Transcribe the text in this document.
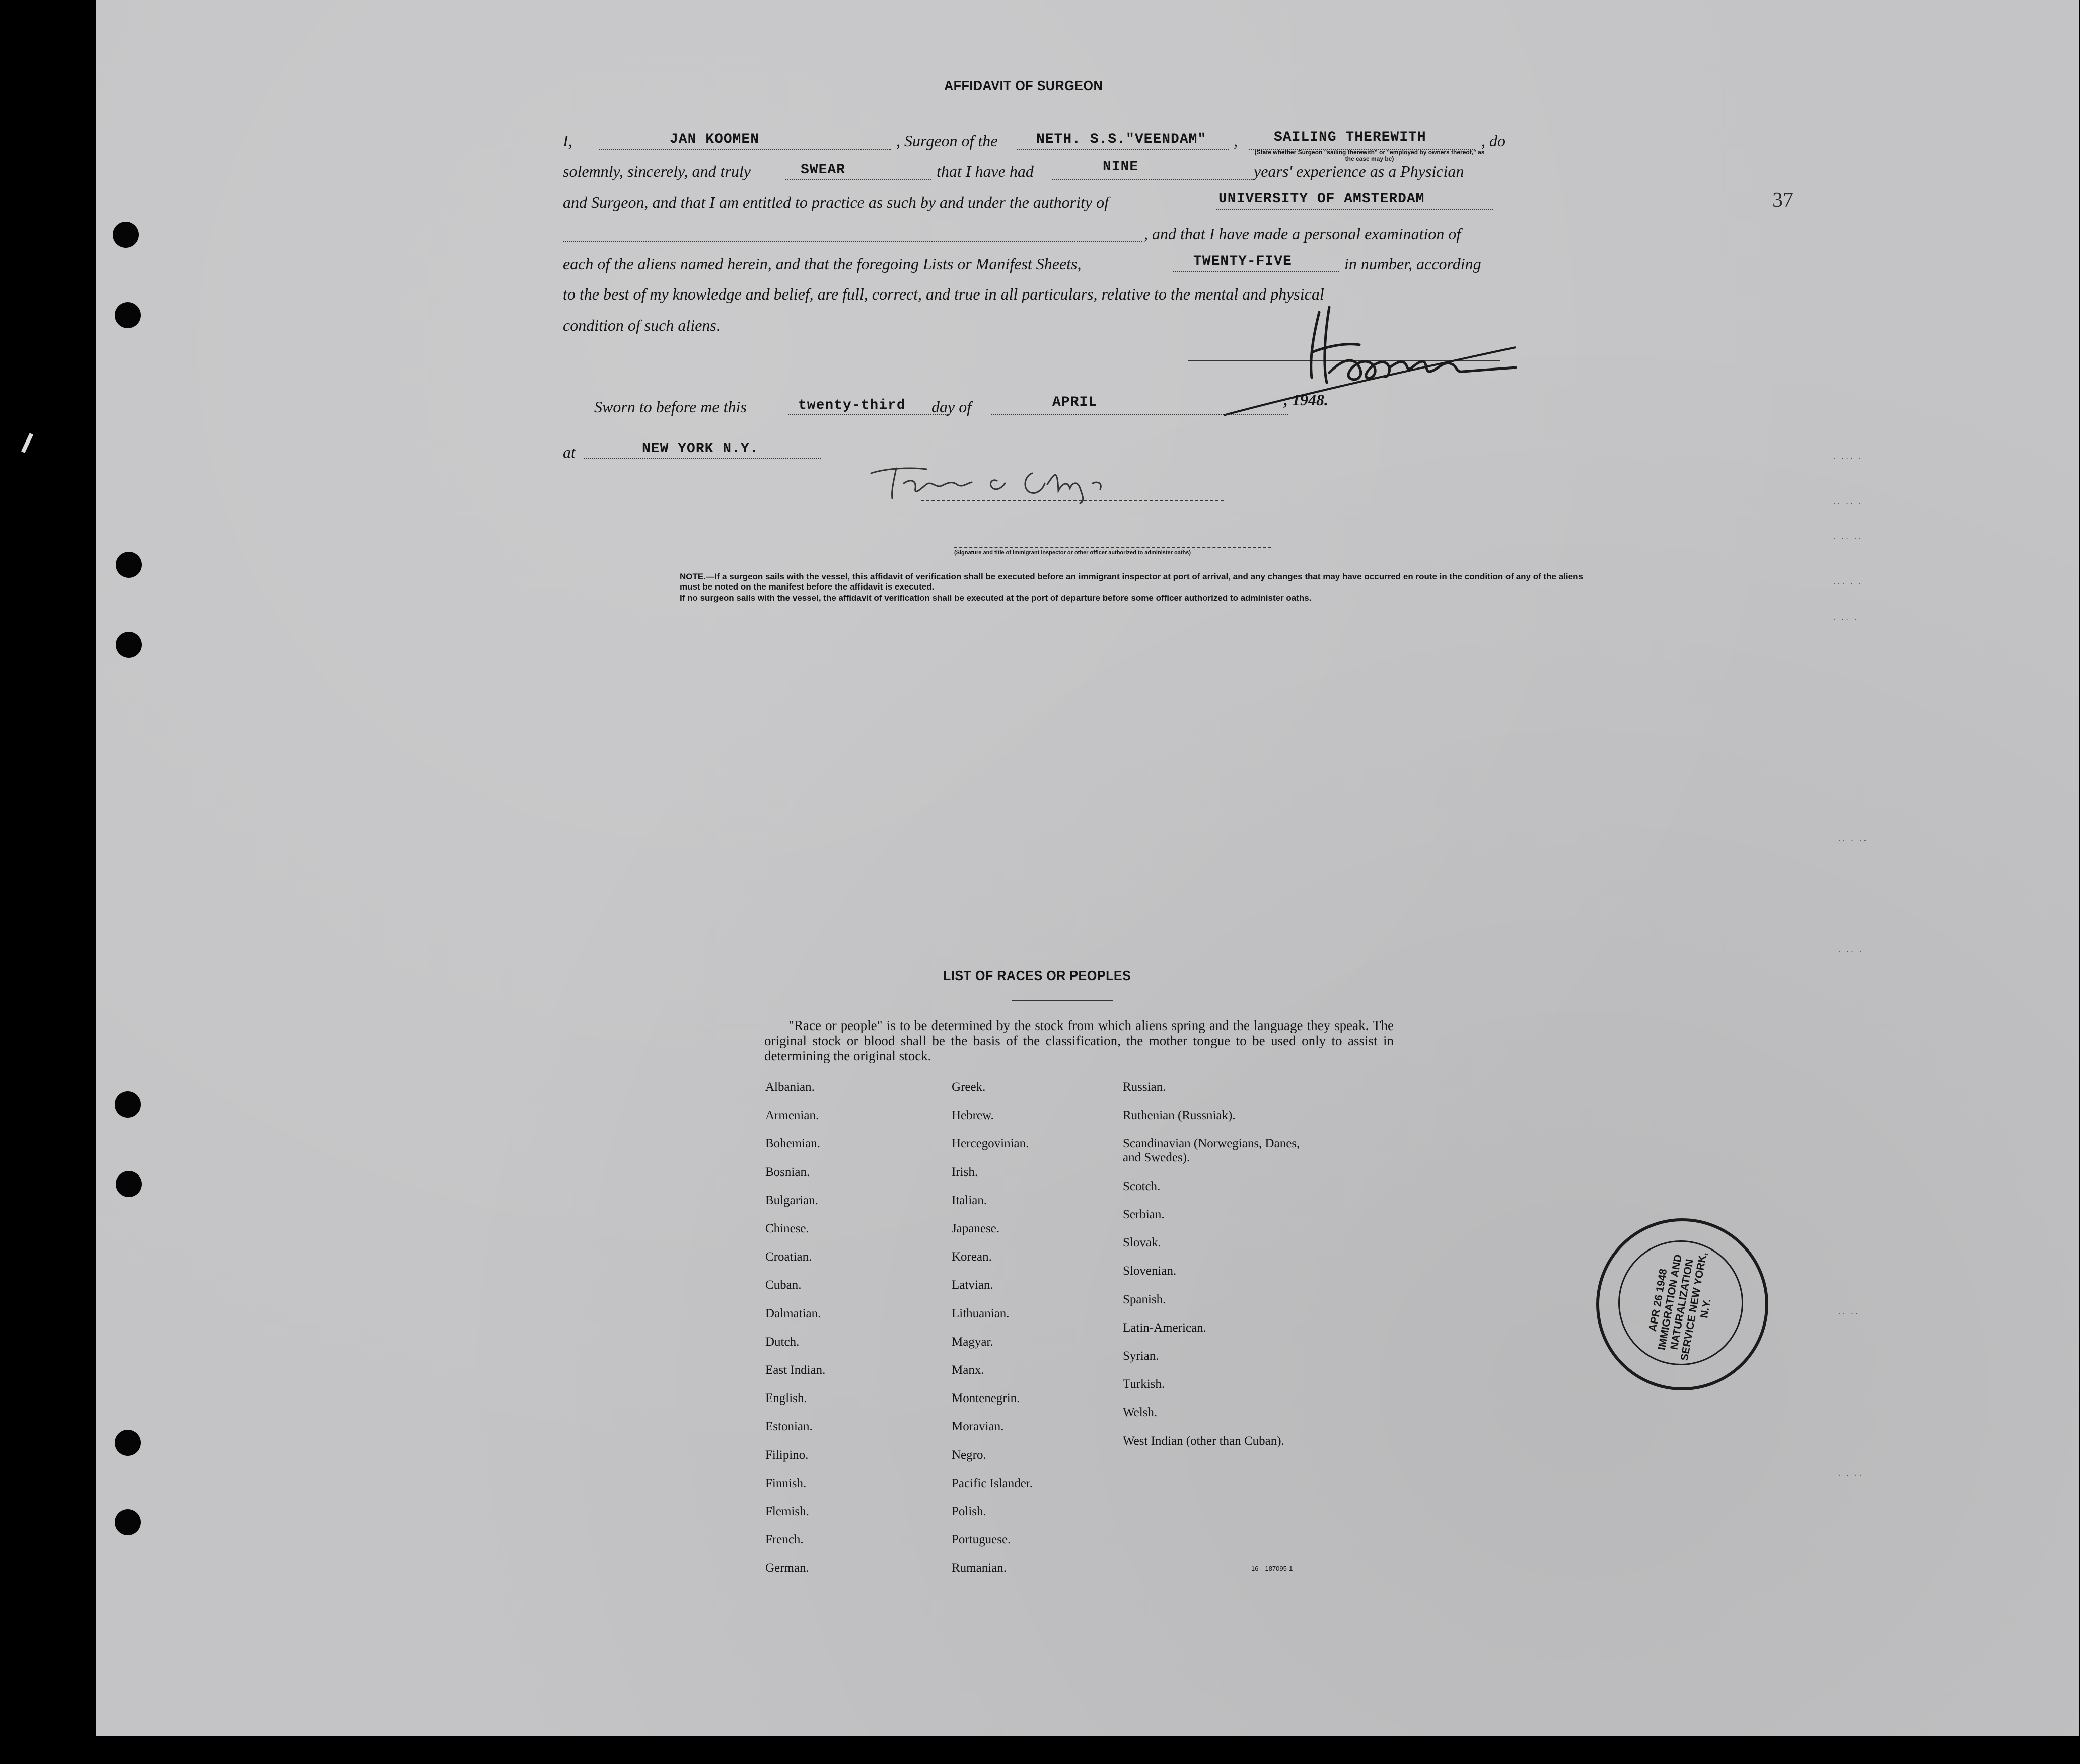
37
AFFIDAVIT OF SURGEON
I,	JAN KOOMEN	, Surgeon of the	NETH. S.S."VEENDAM" ,	SAILING THEREWITH	, do
(State whether Surgeon "sailing therewith" or "employed by owners thereof," as the case may be)
solemnly, sincerely, and truly	SWEAR	that I have had	NINE	years' experience as a Physician
and Surgeon, and that I am entitled to practice as such by and under the authority of	UNIVERSITY OF AMSTERDAM
, and that I have made a personal examination of
each of the aliens named herein, and that the foregoing Lists or Manifest Sheets,	TWENTY-FIVE	in number, according
to the best of my knowledge and belief, are full, correct, and true in all particulars, relative to the mental and physical
condition of such aliens.
Sworn to before me this	twenty-third day of	APRIL	, 1948.
at	NEW YORK N.Y.
(Signature and title of immigrant inspector or other officer authorized to administer oaths)
NOTE.—If a surgeon sails with the vessel, this affidavit of verification shall be executed before an immigrant inspector at port of arrival, and any changes that may have occurred en route in the condition of any of the aliens must be noted on the manifest before the affidavit is executed.
If no surgeon sails with the vessel, the affidavit of verification shall be executed at the port of departure before some officer authorized to administer oaths.
LIST OF RACES OR PEOPLES
"Race or people" is to be determined by the stock from which aliens spring and the language they speak. The original stock or blood shall be the basis of the classification, the mother tongue to be used only to assist in determining the original stock.
Albanian.
Armenian.
Bohemian.
Bosnian.
Bulgarian.
Chinese.
Croatian.
Cuban.
Dalmatian.
Dutch.
East Indian.
English.
Estonian.
Filipino.
Finnish.
Flemish.
French.
German.
Greek.
Hebrew.
Hercegovinian.
Irish.
Italian.
Japanese.
Korean.
Latvian.
Lithuanian.
Magyar.
Manx.
Montenegrin.
Moravian.
Negro.
Pacific Islander.
Polish.
Portuguese.
Rumanian.
Russian.
Ruthenian (Russniak).
Scandinavian (Norwegians, Danes, and Swedes).
Scotch.
Serbian.
Slovak.
Slovenian.
Spanish.
Latin-American.
Syrian.
Turkish.
Welsh.
West Indian (other than Cuban).
16—187095-1
APR 26 1948 IMMIGRATION AND NATURALIZATION SERVICE NEW YORK, N.Y.
· ··· ·
·· ·· ·
· ·· ··
··· · ·
· ·· ·
·· · ··
· ·· ·
·· ··
· · ··
